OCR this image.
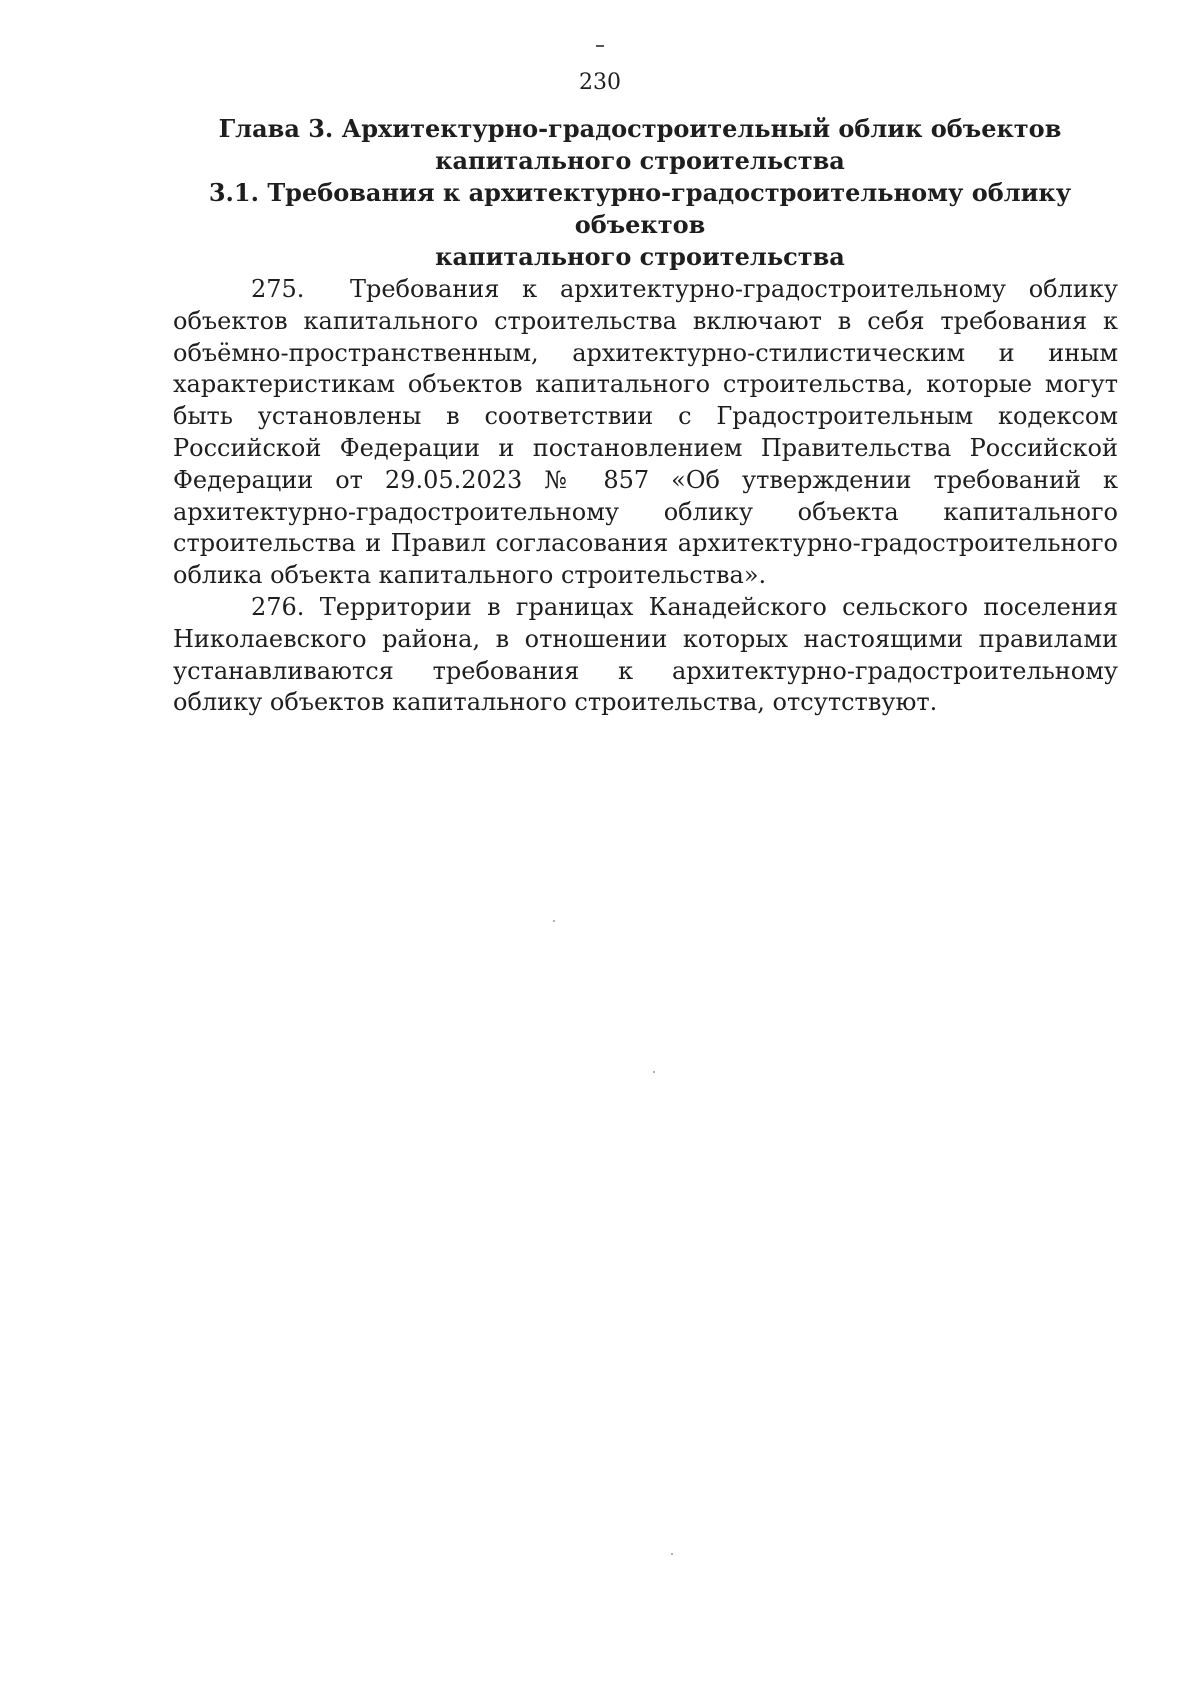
230
Глава 3. Архитектурно-градостроительный облик объектов
капитального строительства
3.1. Требования к архитектурно-градостроительному облику объектов
капитального строительства

275. Требования к архитектурно-градостроительному облику объектов капитального строительства включают в себя требования к объёмно-пространственным, архитектурно-стилистическим и иным характеристикам объектов капитального строительства, которые могут быть установлены в соответствии с Градостроительным кодексом Российской Федерации и постановлением Правительства Российской Федерации от 29.05.2023 № 857 «Об утверждении требований к архитектурно-градостроительному облику объекта капитального строительства и Правил согласования архитектурно-градостроительного облика объекта капитального строительства».

276. Территории в границах Канадейского сельского поселения Николаевского района, в отношении которых настоящими правилами устанавливаются требования к архитектурно-градостроительному облику объектов капитального строительства, отсутствуют.
